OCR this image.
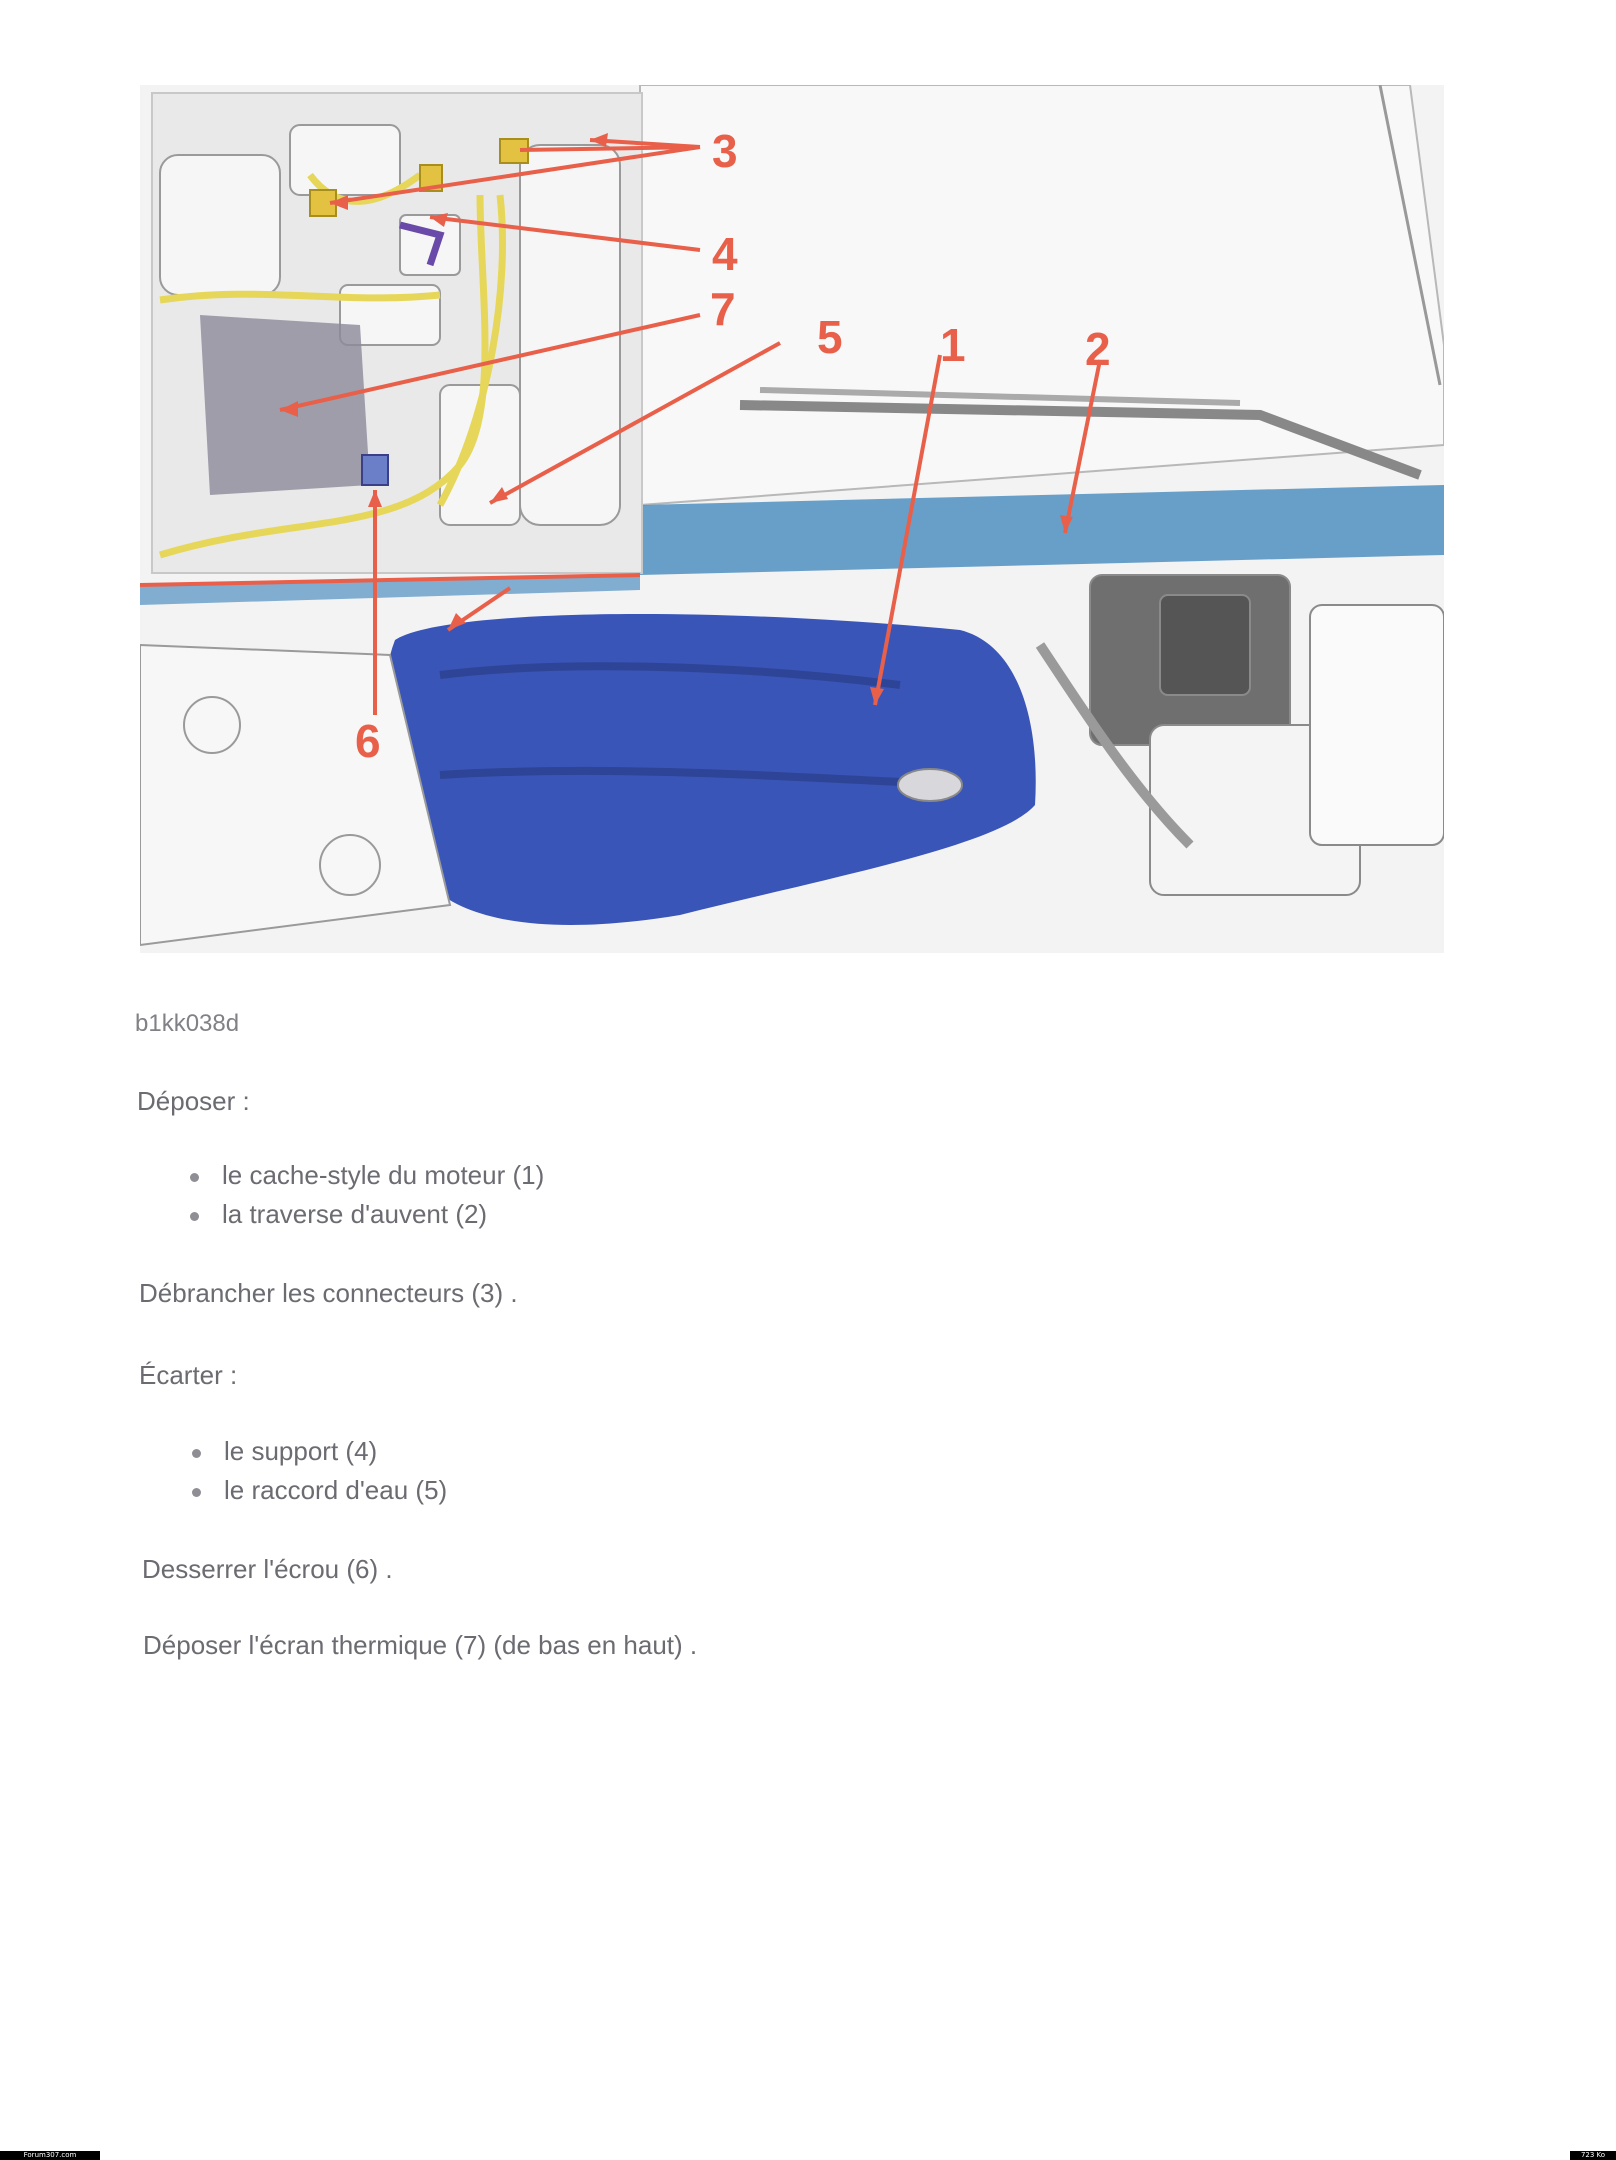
1	2
3
4
5
6
7
b1kk038d
Déposer :
le cache-style du moteur (1)
la traverse d'auvent (2)
Débrancher les connecteurs (3) .
Écarter :
le support (4)
le raccord d'eau (5)
Desserrer l'écrou (6) .
Déposer l'écran thermique (7) (de bas en haut) .
Forum307.com	723 Ko
